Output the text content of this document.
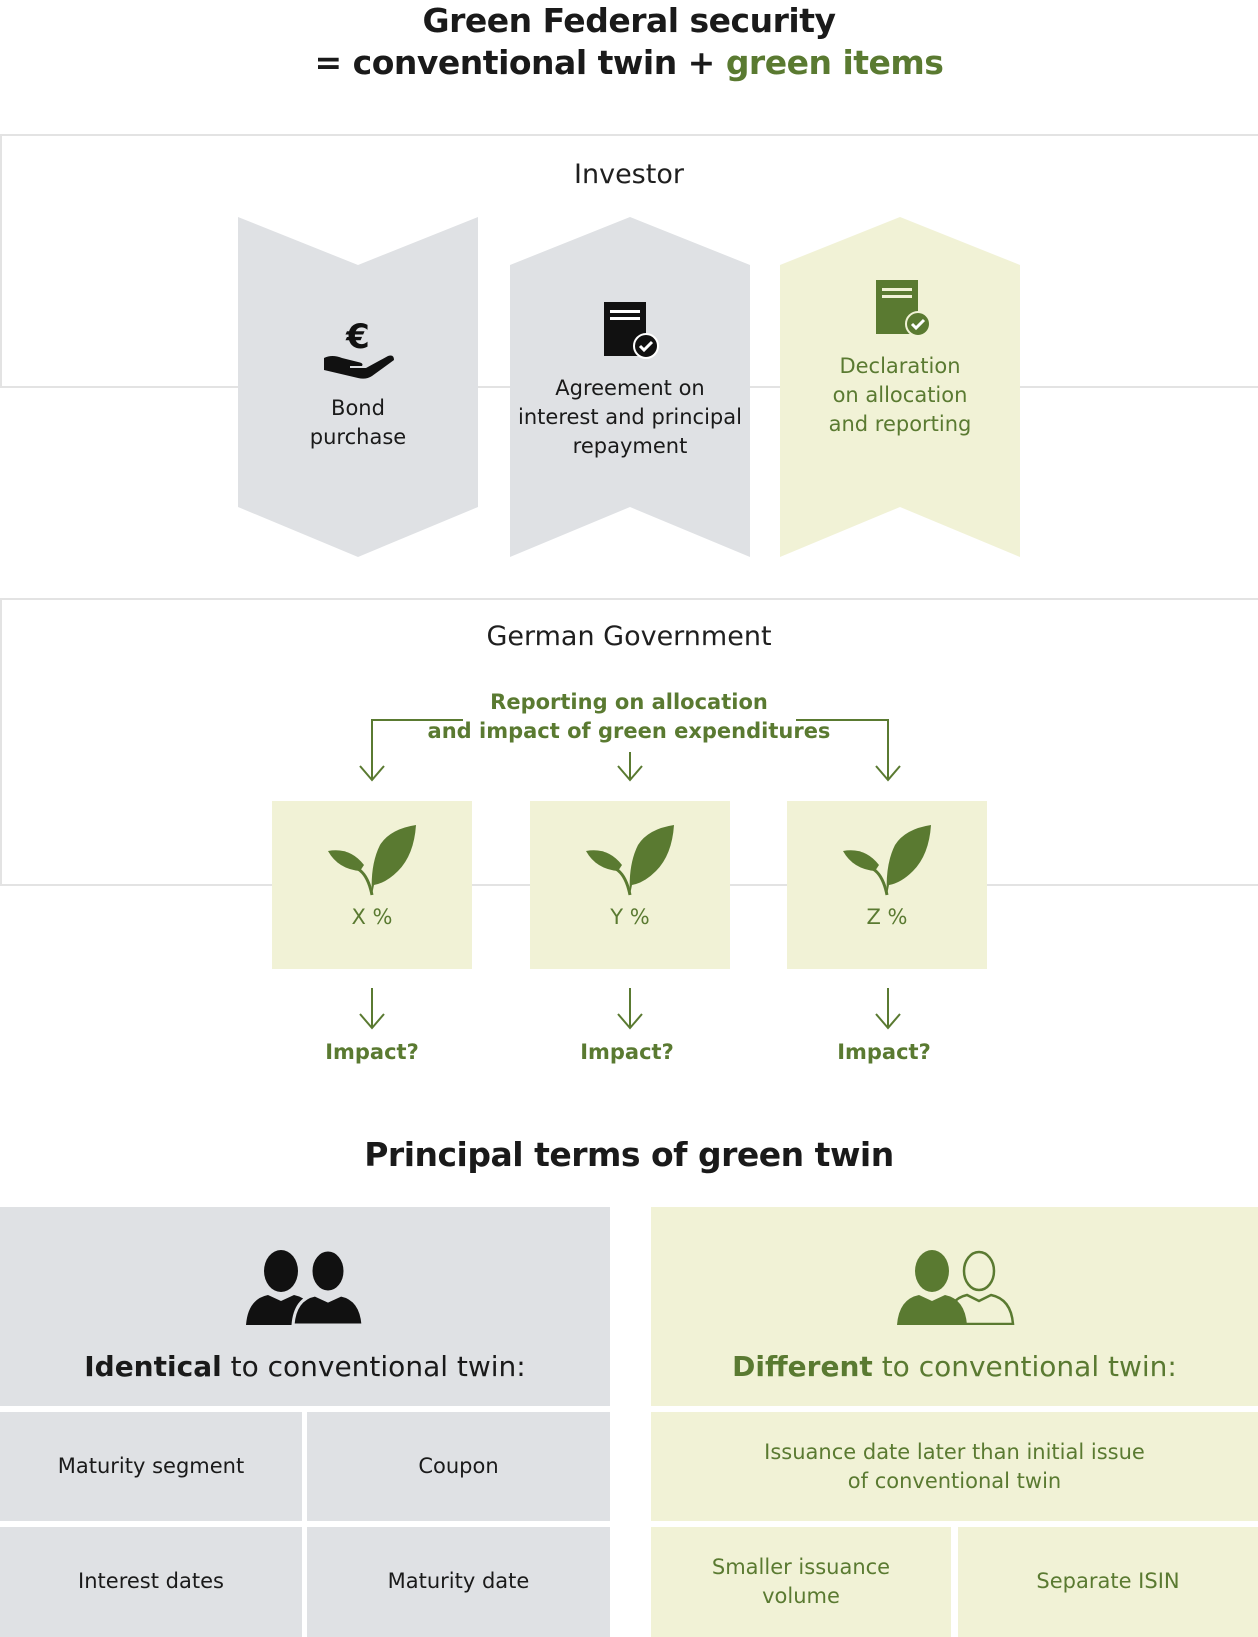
Green Federal security
= conventional twin + green items
Investor
€
Bond
purchase
Agreement on
interest and principal
repayment
Declaration
on allocation
and reporting
German Government
Reporting on allocation
and impact of green expenditures
X %	Y %	Z %
Impact?	Impact?	Impact?
Principal terms of green twin
Identical to conventional twin:
Maturity segment	Coupon
Interest dates	Maturity date
Different to conventional twin:
Issuance date later than initial issue
of conventional twin
Smaller issuance
volume
Separate ISIN
